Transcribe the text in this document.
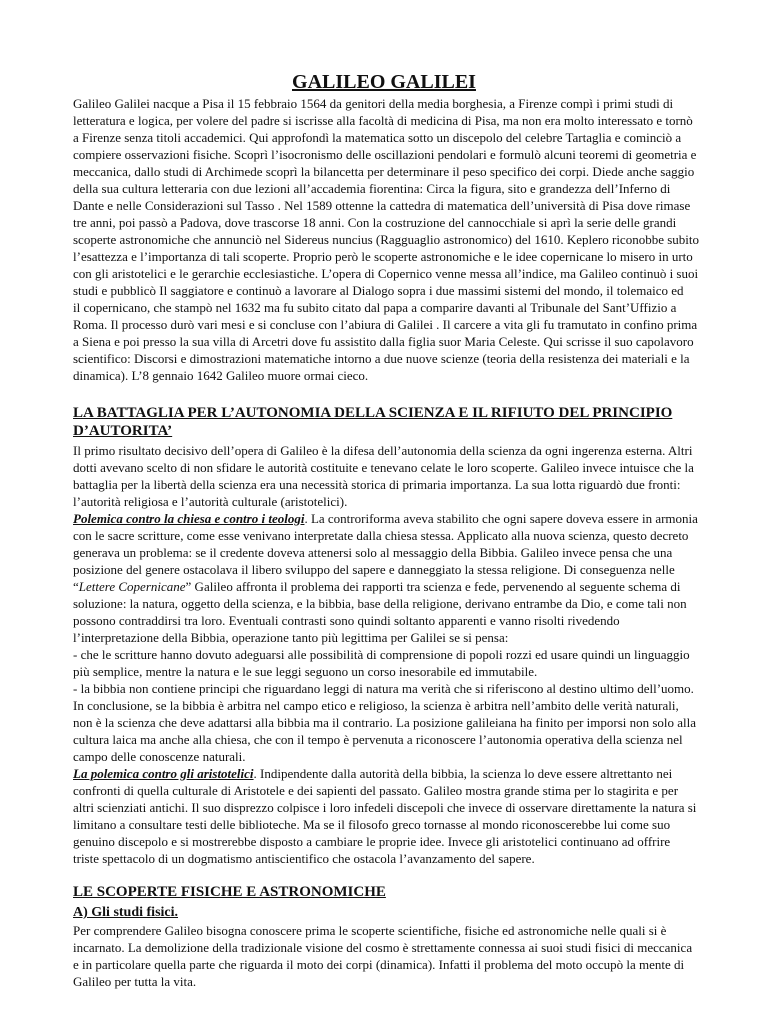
GALILEO GALILEI
Galileo Galilei nacque a Pisa il 15 febbraio 1564 da genitori della media borghesia, a Firenze compì i primi studi di
letteratura e logica, per volere del padre si iscrisse alla facoltà di medicina di Pisa, ma non era molto interessato e tornò
a Firenze senza titoli accademici. Qui approfondì la matematica sotto un discepolo del celebre Tartaglia e cominciò a
compiere osservazioni fisiche. Scoprì l’isocronismo delle oscillazioni pendolari e formulò alcuni teoremi di geometria e
meccanica, dallo studi di Archimede scoprì la bilancetta per determinare il peso specifico dei corpi. Diede anche saggio
della sua cultura letteraria con due lezioni all’accademia fiorentina: Circa la figura, sito e grandezza dell’Inferno di
Dante e nelle Considerazioni sul Tasso . Nel 1589 ottenne la cattedra di matematica dell’università di Pisa dove rimase
tre anni, poi passò a Padova, dove trascorse 18 anni. Con la costruzione del cannocchiale si aprì la serie delle grandi
scoperte astronomiche che annunciò nel Sidereus nuncius (Ragguaglio astronomico) del 1610. Keplero riconobbe subito
l’esattezza e l’importanza di tali scoperte. Proprio però le scoperte astronomiche e le idee copernicane lo misero in urto
con gli aristotelici e le gerarchie ecclesiastiche. L’opera di Copernico venne messa all’indice, ma Galileo continuò i suoi
studi e pubblicò Il saggiatore e continuò a lavorare al Dialogo sopra i due massimi sistemi del mondo, il tolemaico ed
il copernicano, che stampò nel 1632 ma fu subito citato dal papa a comparire davanti al Tribunale del Sant’Uffizio a
Roma. Il processo durò vari mesi e si concluse con l’abiura di Galilei . Il carcere a vita gli fu tramutato in confino prima
a Siena e poi presso la sua villa di Arcetri dove fu assistito dalla figlia suor Maria Celeste. Qui scrisse il suo capolavoro
scientifico: Discorsi e dimostrazioni matematiche intorno a due nuove scienze (teoria della resistenza dei materiali e la
dinamica). L’8 gennaio 1642 Galileo muore ormai cieco.
LA BATTAGLIA PER L’AUTONOMIA DELLA SCIENZA E IL RIFIUTO DEL PRINCIPIO
D’AUTORITA’
Il primo risultato decisivo dell’opera di Galileo è la difesa dell’autonomia della scienza da ogni ingerenza esterna. Altri
dotti avevano scelto di non sfidare le autorità costituite e tenevano celate le loro scoperte. Galileo invece intuisce che la
battaglia per la libertà della scienza era una necessità storica di primaria importanza. La sua lotta riguardò due fronti:
l’autorità religiosa e l’autorità culturale (aristotelici).
Polemica contro la chiesa e contro i teologi. La controriforma aveva stabilito che ogni sapere doveva essere in armonia
con le sacre scritture, come esse venivano interpretate dalla chiesa stessa. Applicato alla nuova scienza, questo decreto
generava un problema: se il credente doveva attenersi solo al messaggio della Bibbia. Galileo invece pensa che una
posizione del genere ostacolava il libero sviluppo del sapere e danneggiato la stessa religione. Di conseguenza nelle
“Lettere Copernicane” Galileo affronta il problema dei rapporti tra scienza e fede, pervenendo al seguente schema di
soluzione: la natura, oggetto della scienza, e la bibbia, base della religione, derivano entrambe da Dio, e come tali non
possono contraddirsi tra loro. Eventuali contrasti sono quindi soltanto apparenti e vanno risolti rivedendo
l’interpretazione della Bibbia, operazione tanto più legittima per Galilei se si pensa:
- che le scritture hanno dovuto adeguarsi alle possibilità di comprensione di popoli rozzi ed usare quindi un linguaggio
più semplice, mentre la natura e le sue leggi seguono un corso inesorabile ed immutabile.
- la bibbia non contiene principi che riguardano leggi di natura ma verità che si riferiscono al destino ultimo dell’uomo.
In conclusione, se la bibbia è arbitra nel campo etico e religioso, la scienza è arbitra nell’ambito delle verità naturali,
non è la scienza che deve adattarsi alla bibbia ma il contrario. La posizione galileiana ha finito per imporsi non solo alla
cultura laica ma anche alla chiesa, che con il tempo è pervenuta a riconoscere l’autonomia operativa della scienza nel
campo delle conoscenze naturali.
La polemica contro gli aristotelici. Indipendente dalla autorità della bibbia, la scienza lo deve essere altrettanto nei
confronti di quella culturale di Aristotele e dei sapienti del passato. Galileo mostra grande stima per lo stagirita e per
altri scienziati antichi. Il suo disprezzo colpisce i loro infedeli discepoli che invece di osservare direttamente la natura si
limitano a consultare testi delle biblioteche. Ma se il filosofo greco tornasse al mondo riconoscerebbe lui come suo
genuino discepolo e si mostrerebbe disposto a cambiare le proprie idee. Invece gli aristotelici continuano ad offrire
triste spettacolo di un dogmatismo antiscientifico che ostacola l’avanzamento del sapere.
LE SCOPERTE FISICHE E ASTRONOMICHE
A) Gli studi fisici.
Per comprendere Galileo bisogna conoscere prima le scoperte scientifiche, fisiche ed astronomiche nelle quali si è
incarnato. La demolizione della tradizionale visione del cosmo è strettamente connessa ai suoi studi fisici di meccanica
e in particolare quella parte che riguarda il moto dei corpi (dinamica). Infatti il problema del moto occupò la mente di
Galileo per tutta la vita.
